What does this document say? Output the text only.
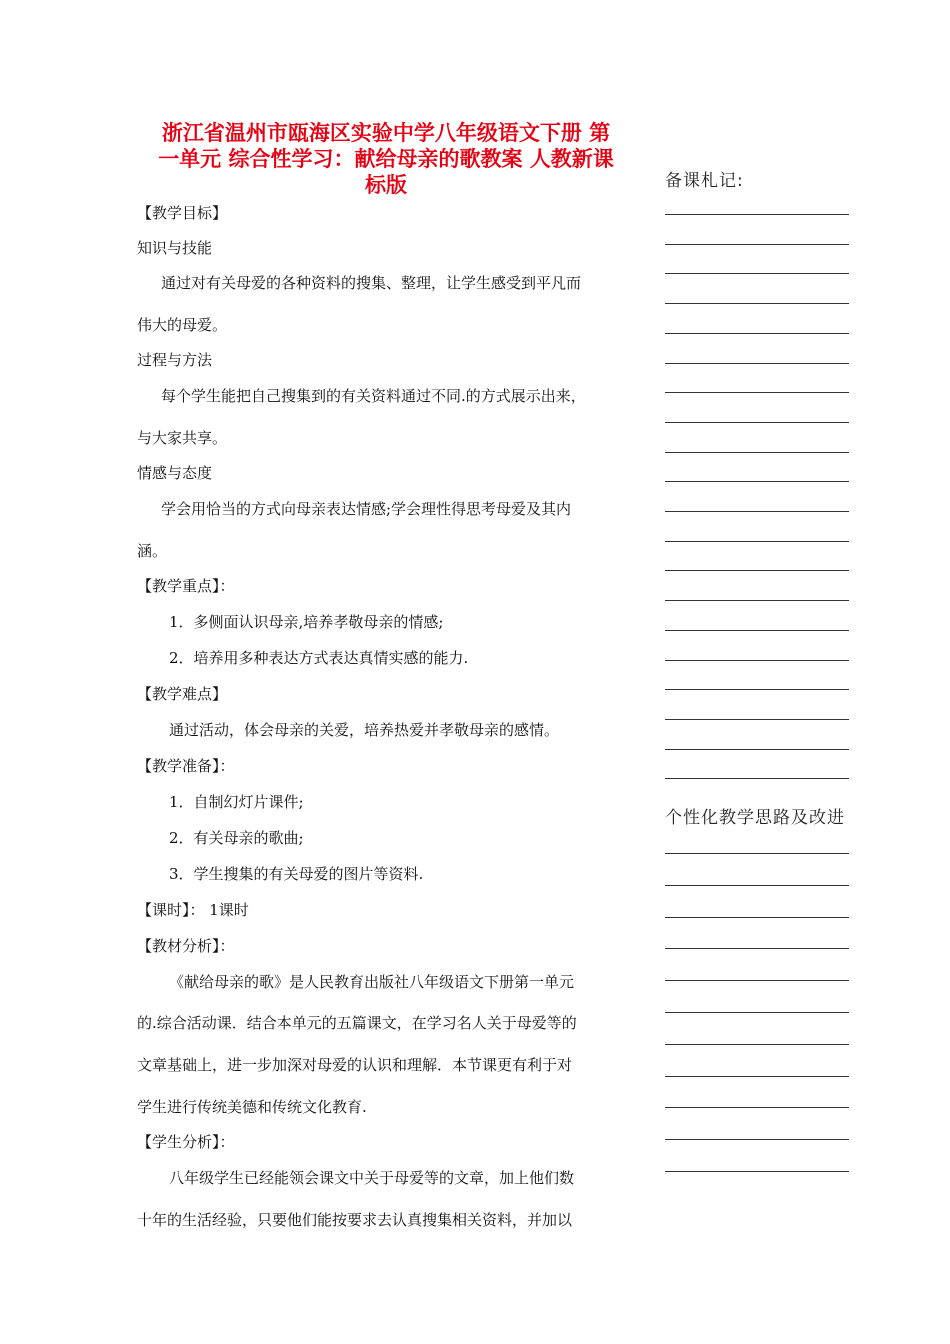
浙江省温州市瓯海区实验中学八年级语文下册 第
一单元 综合性学习：献给母亲的歌教案 人教新课
标版
【教学目标】
知识与技能
通过对有关母爱的各种资料的搜集、整理，让学生感受到平凡而
伟大的母爱。
过程与方法
每个学生能把自己搜集到的有关资料通过不同.的方式展示出来，
与大家共享。
情感与态度
学会用恰当的方式向母亲表达情感;学会理性得思考母爱及其内
涵。
【教学重点】：
1．多侧面认识母亲,培养孝敬母亲的情感;
2．培养用多种表达方式表达真情实感的能力.
【教学难点】
通过活动，体会母亲的关爱，培养热爱并孝敬母亲的感情。
【教学准备】：
1．自制幻灯片课件;
2．有关母亲的歌曲;
3．学生搜集的有关母爱的图片等资料.
【课时】： 1课时
【教材分析】：
《献给母亲的歌》是人民教育出版社八年级语文下册第一单元
的.综合活动课．结合本单元的五篇课文，在学习名人关于母爱等的
文章基础上，进一步加深对母爱的认识和理解．本节课更有利于对
学生进行传统美德和传统文化教育.
【学生分析】：
八年级学生已经能领会课文中关于母爱等的文章，加上他们数
十年的生活经验，只要他们能按要求去认真搜集相关资料，并加以
备课札记:
个性化教学思路及改进
